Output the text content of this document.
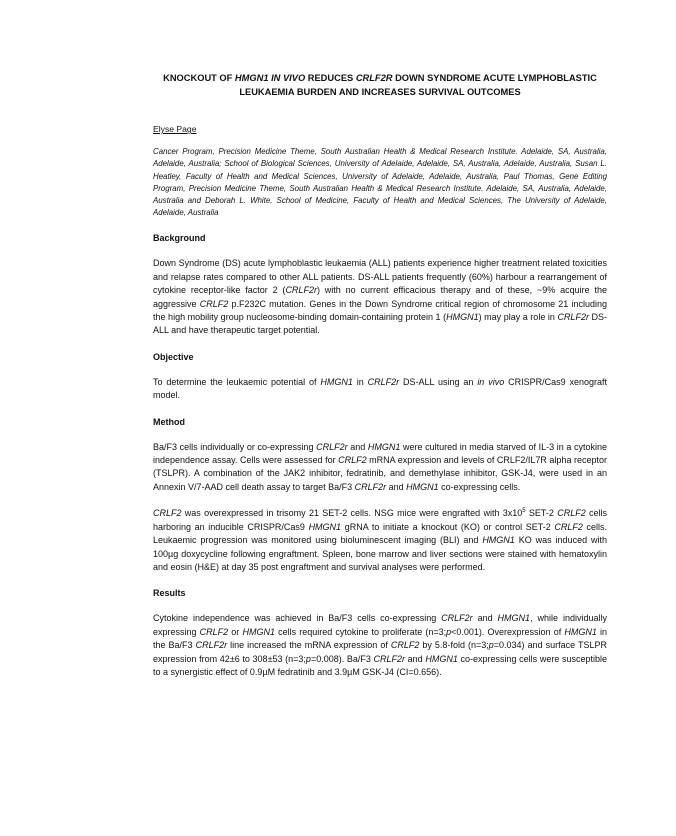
KNOCKOUT OF HMGN1 IN VIVO REDUCES CRLF2R DOWN SYNDROME ACUTE LYMPHOBLASTIC LEUKAEMIA BURDEN AND INCREASES SURVIVAL OUTCOMES
Elyse Page
Cancer Program, Precision Medicine Theme, South Australian Health & Medical Research Institute. Adelaide, SA, Australia, Adelaide, Australia; School of Biological Sciences, University of Adelaide, Adelaide, SA, Australia, Adelaide, Australia, Susan L. Heatley, Faculty of Health and Medical Sciences, University of Adelaide, Adelaide, Australia, Paul Thomas, Gene Editing Program, Precision Medicine Theme, South Australian Health & Medical Research Institute. Adelaide, SA, Australia, Adelaide, Australia and Deborah L. White, School of Medicine, Faculty of Health and Medical Sciences, The University of Adelaide, Adelaide, Australia
Background

Down Syndrome (DS) acute lymphoblastic leukaemia (ALL) patients experience higher treatment related toxicities and relapse rates compared to other ALL patients. DS-ALL patients frequently (60%) harbour a rearrangement of cytokine receptor-like factor 2 (CRLF2r) with no current efficacious therapy and of these, ~9% acquire the aggressive CRLF2 p.F232C mutation. Genes in the Down Syndrome critical region of chromosome 21 including the high mobility group nucleosome-binding domain-containing protein 1 (HMGN1) may play a role in CRLF2r DS-ALL and have therapeutic target potential.

Objective

To determine the leukaemic potential of HMGN1 in CRLF2r DS-ALL using an in vivo CRISPR/Cas9 xenograft model.

Method

Ba/F3 cells individually or co-expressing CRLF2r and HMGN1 were cultured in media starved of IL-3 in a cytokine independence assay. Cells were assessed for CRLF2 mRNA expression and levels of CRLF2/IL7R alpha receptor (TSLPR). A combination of the JAK2 inhibitor, fedratinib, and demethylase inhibitor, GSK-J4, were used in an Annexin V/7-AAD cell death assay to target Ba/F3 CRLF2r and HMGN1 co-expressing cells.

CRLF2 was overexpressed in trisomy 21 SET-2 cells. NSG mice were engrafted with $3x10^5$ SET-2 CRLF2 cells harboring an inducible CRISPR/Cas9 HMGN1 gRNA to initiate a knockout (KO) or control SET-2 CRLF2 cells. Leukaemic progression was monitored using bioluminescent imaging (BLI) and HMGN1 KO was induced with 100µg doxycycline following engraftment. Spleen, bone marrow and liver sections were stained with hematoxylin and eosin (H&E) at day 35 post engraftment and survival analyses were performed.

Results

Cytokine independence was achieved in Ba/F3 cells co-expressing CRLF2r and HMGN1, while individually expressing CRLF2 or HMGN1 cells required cytokine to proliferate (n=3;p<0.001). Overexpression of HMGN1 in the Ba/F3 CRLF2r line increased the mRNA expression of CRLF2 by 5.8-fold (n=3;p=0.034) and surface TSLPR expression from 42±6 to 308±53 (n=3;p=0.008). Ba/F3 CRLF2r and HMGN1 co-expressing cells were susceptible to a synergistic effect of 0.9µM fedratinib and 3.9µM GSK-J4 (CI=0.656).
